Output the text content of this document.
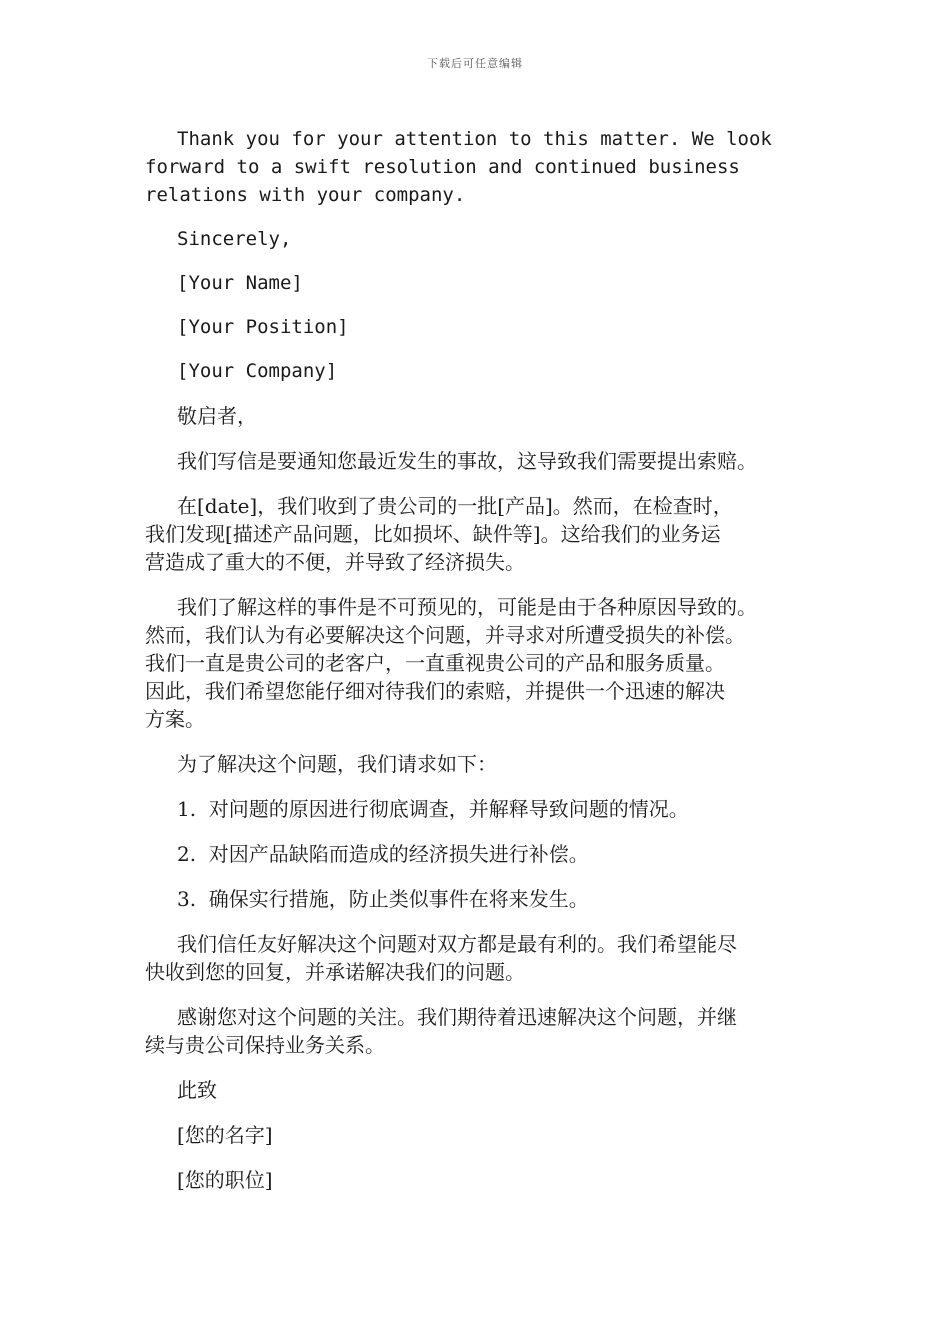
下载后可任意编辑

Thank you for your attention to this matter. We look
forward to a swift resolution and continued business
relations with your company.

Sincerely,

[Your Name]

[Your Position]

[Your Company]

敬启者，

我们写信是要通知您最近发生的事故，这导致我们需要提出索赔。

在[date]，我们收到了贵公司的一批[产品]。然而，在检查时，
我们发现[描述产品问题，比如损坏、缺件等]。这给我们的业务运
营造成了重大的不便，并导致了经济损失。

我们了解这样的事件是不可预见的，可能是由于各种原因导致的。
然而，我们认为有必要解决这个问题，并寻求对所遭受损失的补偿。
我们一直是贵公司的老客户，一直重视贵公司的产品和服务质量。
因此，我们希望您能仔细对待我们的索赔，并提供一个迅速的解决
方案。

为了解决这个问题，我们请求如下：

1.  对问题的原因进行彻底调查，并解释导致问题的情况。

2.  对因产品缺陷而造成的经济损失进行补偿。

3.  确保实行措施，防止类似事件在将来发生。

我们信任友好解决这个问题对双方都是最有利的。我们希望能尽
快收到您的回复，并承诺解决我们的问题。

感谢您对这个问题的关注。我们期待着迅速解决这个问题，并继
续与贵公司保持业务关系。

此致

[您的名字]

[您的职位]
